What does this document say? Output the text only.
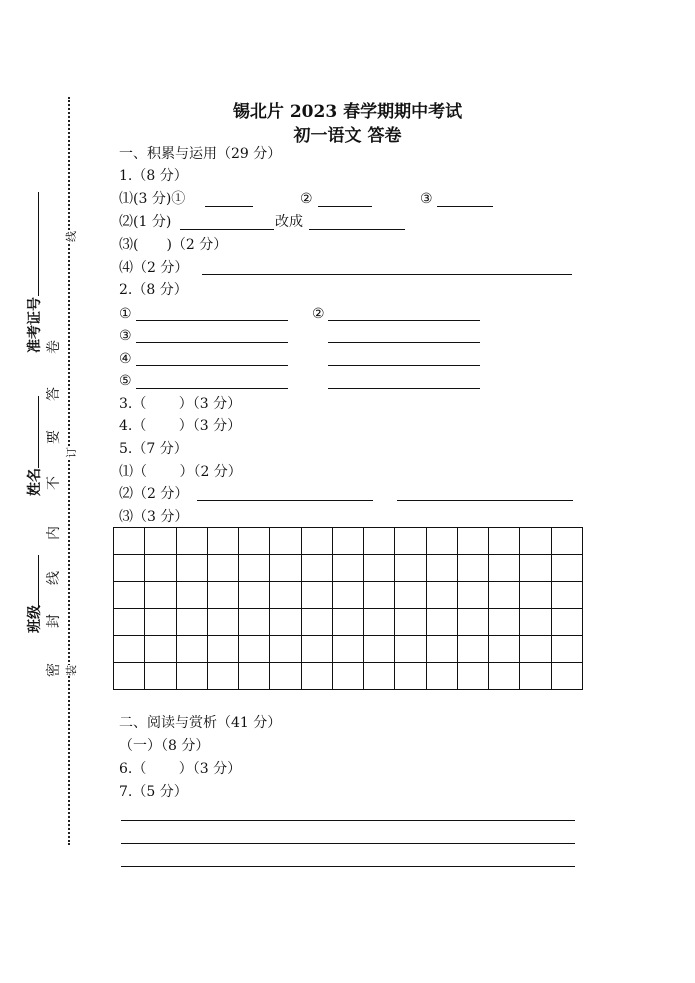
准考证号
姓名
班级
卷
答
要
不
内
线
封
密
线
订
装
锡北片 2023 春学期期中考试
初一语文 答卷
一、积累与运用（29 分）
1.（8 分）
⑴(3 分)①	②	③
⑵(1 分)	改成
⑶(　　)（2 分）
⑷（2 分）
2.（8 分）
①	②
③
④
⑤
3.（　　 ）（3 分）
4.（　　 ）（3 分）
5.（7 分）
⑴（　　 ）（2 分）
⑵（2 分）
⑶（3 分）

二、阅读与赏析（41 分）
（一）（8 分）
6.（　　 ）（3 分）
7.（5 分）
